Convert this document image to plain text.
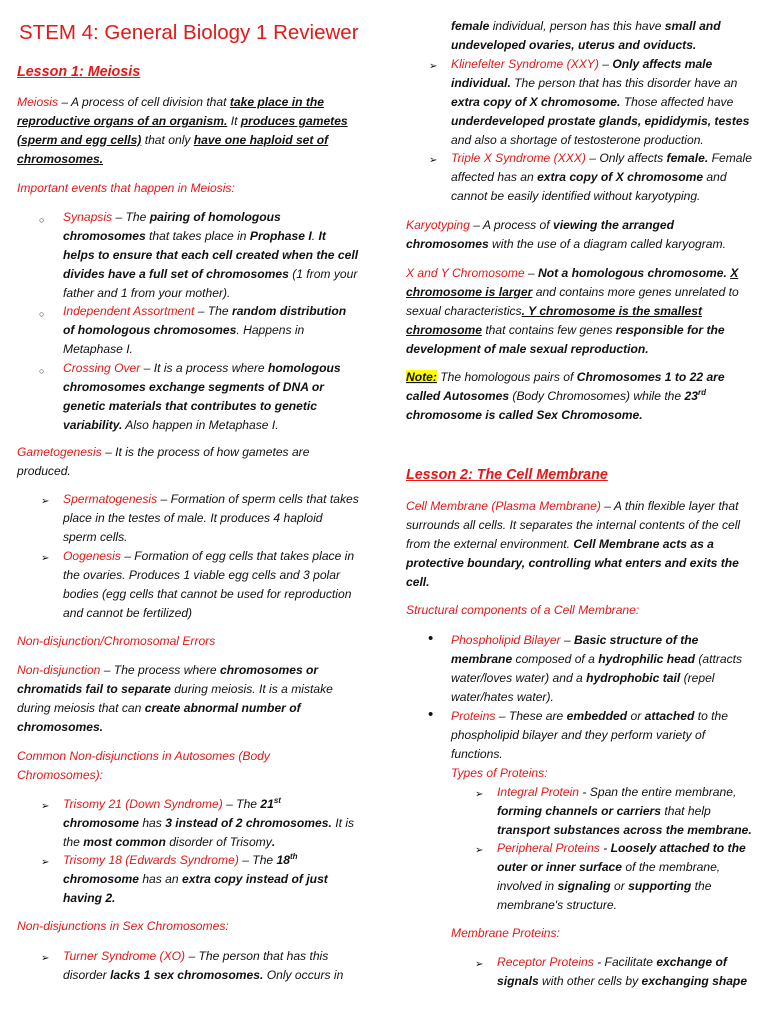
STEM 4: General Biology 1 Reviewer

Lesson 1: Meiosis

Meiosis – A process of cell division that take place in the reproductive organs of an organism. It produces gametes (sperm and egg cells) that only have one haploid set of chromosomes.

Important events that happen in Meiosis:

○ Synapsis – The pairing of homologous chromosomes that takes place in Prophase I. It helps to ensure that each cell created when the cell divides have a full set of chromosomes (1 from your father and 1 from your mother).

○ Independent Assortment – The random distribution of homologous chromosomes. Happens in Metaphase I.

○ Crossing Over – It is a process where homologous chromosomes exchange segments of DNA or genetic materials that contributes to genetic variability. Also happen in Metaphase I.

Gametogenesis – It is the process of how gametes are produced.

➢ Spermatogenesis – Formation of sperm cells that takes place in the testes of male. It produces 4 haploid sperm cells.

➢ Oogenesis – Formation of egg cells that takes place in the ovaries. Produces 1 viable egg cells and 3 polar bodies (egg cells that cannot be used for reproduction and cannot be fertilized)

Non-disjunction/Chromosomal Errors

Non-disjunction – The process where chromosomes or chromatids fail to separate during meiosis. It is a mistake during meiosis that can create abnormal number of chromosomes.

Common Non-disjunctions in Autosomes (Body Chromosomes):

➢ Trisomy 21 (Down Syndrome) – The 21st chromosome has 3 instead of 2 chromosomes. It is the most common disorder of Trisomy.

➢ Trisomy 18 (Edwards Syndrome) – The 18th chromosome has an extra copy instead of just having 2.

Non-disjunctions in Sex Chromosomes:

➢ Turner Syndrome (XO) – The person that has this disorder lacks 1 sex chromosomes. Only occurs in

female individual, person has this have small and undeveloped ovaries, uterus and oviducts.

➢ Klinefelter Syndrome (XXY) – Only affects male individual. The person that has this disorder have an extra copy of X chromosome. Those affected have underdeveloped prostate glands, epididymis, testes and also a shortage of testosterone production.

➢ Triple X Syndrome (XXX) – Only affects female. Female affected has an extra copy of X chromosome and cannot be easily identified without karyotyping.

Karyotyping – A process of viewing the arranged chromosomes with the use of a diagram called karyogram.

X and Y Chromosome – Not a homologous chromosome. X chromosome is larger and contains more genes unrelated to sexual characteristics. Y chromosome is the smallest chromosome that contains few genes responsible for the development of male sexual reproduction.

Note: The homologous pairs of Chromosomes 1 to 22 are called Autosomes (Body Chromosomes) while the 23rd chromosome is called Sex Chromosome.

Lesson 2: The Cell Membrane

Cell Membrane (Plasma Membrane) – A thin flexible layer that surrounds all cells. It separates the internal contents of the cell from the external environment. Cell Membrane acts as a protective boundary, controlling what enters and exits the cell.

Structural components of a Cell Membrane:

• Phospholipid Bilayer – Basic structure of the membrane composed of a hydrophilic head (attracts water/loves water) and a hydrophobic tail (repel water/hates water).

• Proteins – These are embedded or attached to the phospholipid bilayer and they perform variety of functions.

Types of Proteins:

➢ Integral Protein - Span the entire membrane, forming channels or carriers that help transport substances across the membrane.

➢ Peripheral Proteins - Loosely attached to the outer or inner surface of the membrane, involved in signaling or supporting the membrane's structure.

Membrane Proteins:

➢ Receptor Proteins - Facilitate exchange of signals with other cells by exchanging shape
